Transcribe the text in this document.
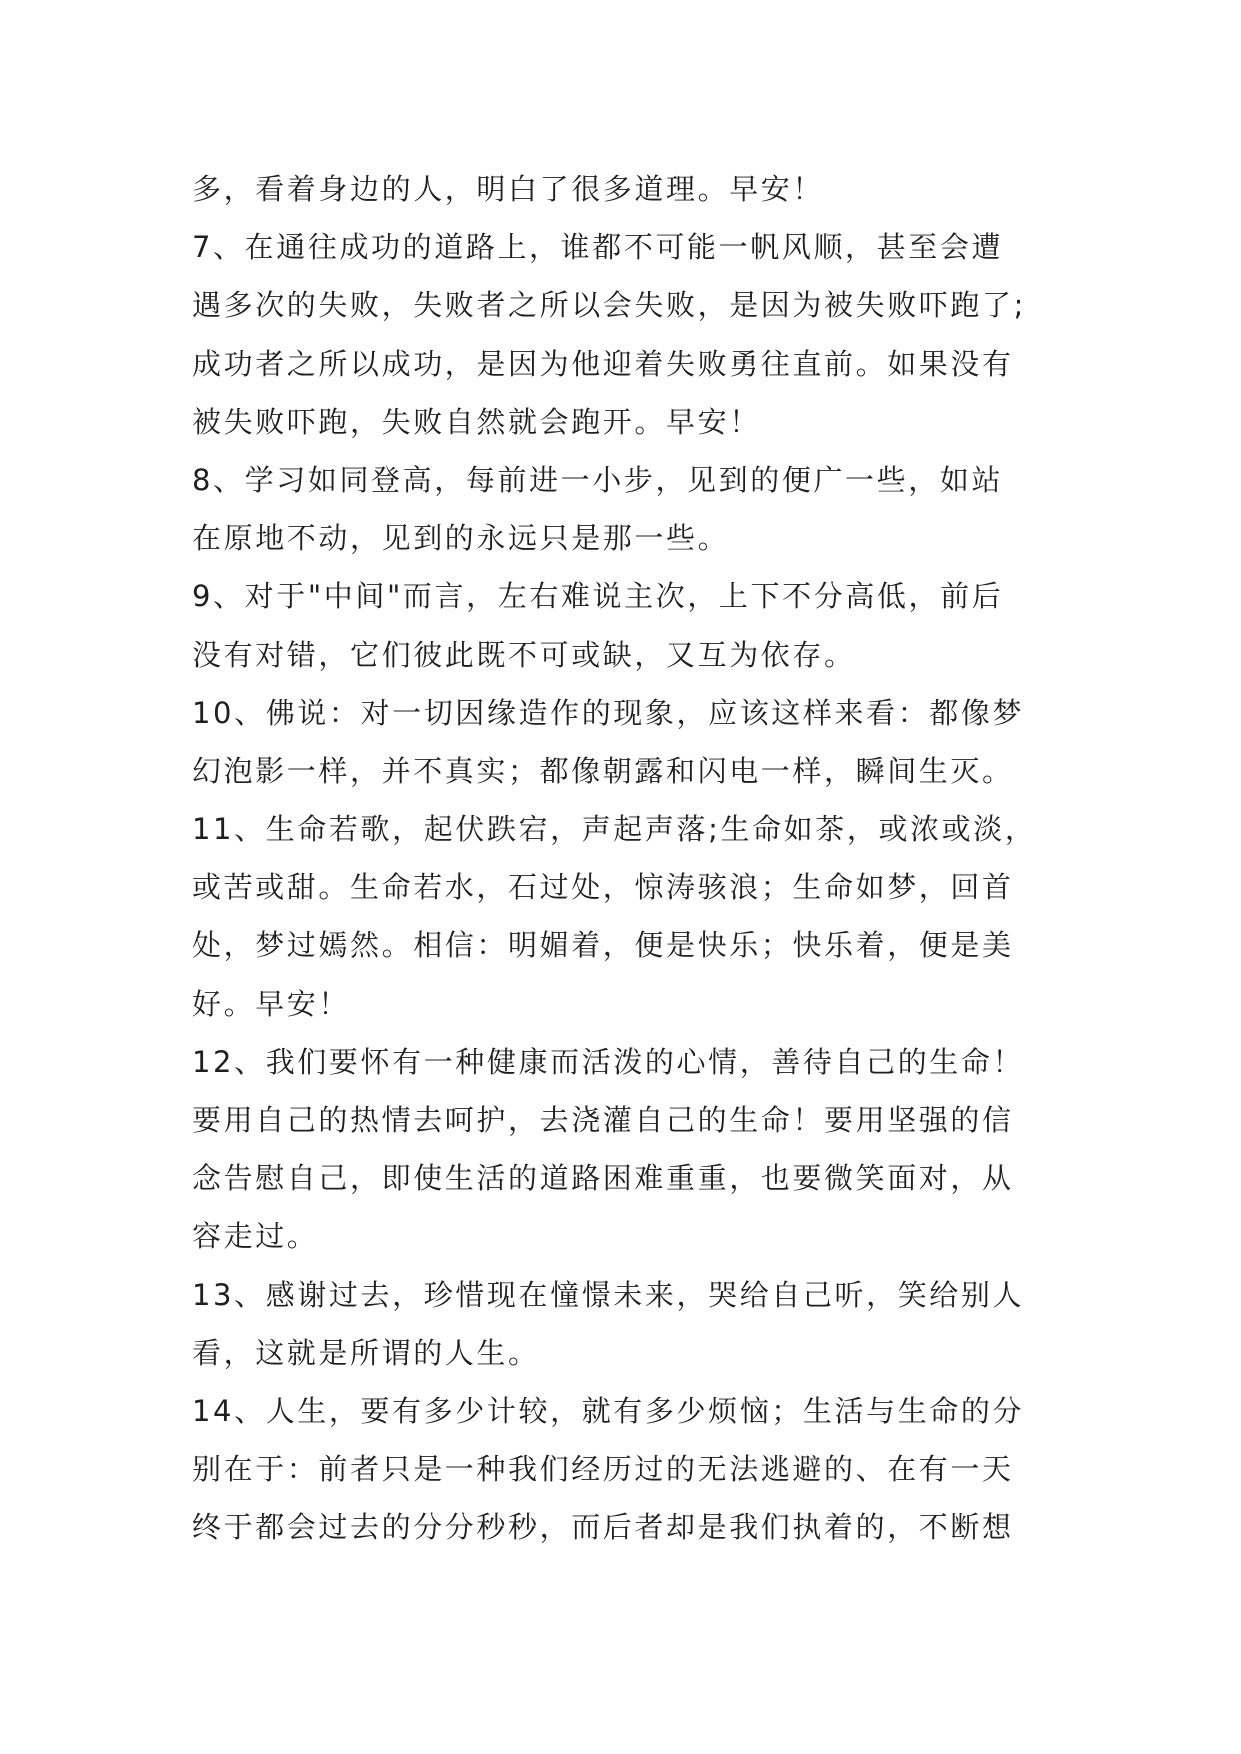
多，看着身边的人，明白了很多道理。早安！
7、在通往成功的道路上，谁都不可能一帆风顺，甚至会遭
遇多次的失败，失败者之所以会失败，是因为被失败吓跑了;
成功者之所以成功，是因为他迎着失败勇往直前。如果没有
被失败吓跑，失败自然就会跑开。早安！
8、学习如同登高，每前进一小步，见到的便广一些，如站
在原地不动，见到的永远只是那一些。
9、对于"中间"而言，左右难说主次，上下不分高低，前后
没有对错，它们彼此既不可或缺，又互为依存。
10、佛说：对一切因缘造作的现象，应该这样来看：都像梦
幻泡影一样，并不真实；都像朝露和闪电一样，瞬间生灭。
11、生命若歌，起伏跌宕，声起声落;生命如茶，或浓或淡，
或苦或甜。生命若水，石过处，惊涛骇浪；生命如梦，回首
处，梦过嫣然。相信：明媚着，便是快乐；快乐着，便是美
好。早安！
12、我们要怀有一种健康而活泼的心情，善待自己的生命！
要用自己的热情去呵护，去浇灌自己的生命！要用坚强的信
念告慰自己，即使生活的道路困难重重，也要微笑面对，从
容走过。
13、感谢过去，珍惜现在憧憬未来，哭给自己听，笑给别人
看，这就是所谓的人生。
14、人生，要有多少计较，就有多少烦恼；生活与生命的分
别在于：前者只是一种我们经历过的无法逃避的、在有一天
终于都会过去的分分秒秒，而后者却是我们执着的，不断想
